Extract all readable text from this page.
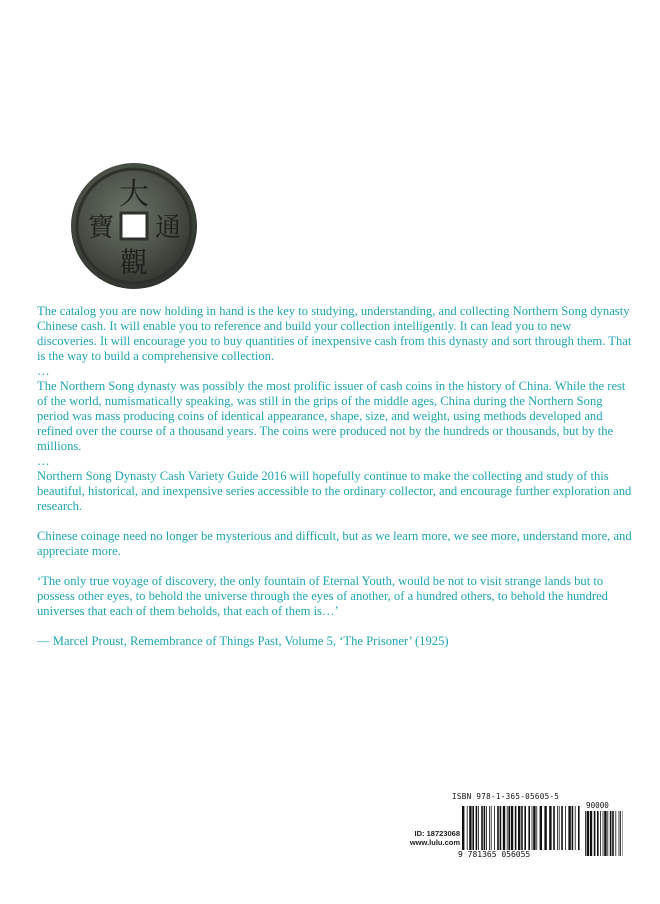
大
通
觀
寶

The catalog you are now holding in hand is the key to studying, understanding, and collecting Northern Song dynasty Chinese cash. It will enable you to reference and build your collection intelligently. It can lead you to new discoveries. It will encourage you to buy quantities of inexpensive cash from this dynasty and sort through them. That is the way to build a comprehensive collection.

…

The Northern Song dynasty was possibly the most prolific issuer of cash coins in the history of China. While the rest of the world, numismatically speaking, was still in the grips of the middle ages, China during the Northern Song period was mass producing coins of identical appearance, shape, size, and weight, using methods developed and refined over the course of a thousand years. The coins were produced not by the hundreds or thousands, but by the millions.

…

Northern Song Dynasty Cash Variety Guide 2016 will hopefully continue to make the collecting and study of this beautiful, historical, and inexpensive series accessible to the ordinary collector, and encourage further exploration and research.

Chinese coinage need no longer be mysterious and difficult, but as we learn more, we see more, understand more, and appreciate more.

‘The only true voyage of discovery, the only fountain of Eternal Youth, would be not to visit strange lands but to possess other eyes, to behold the universe through the eyes of another, of a hundred others, to behold the hundred universes that each of them beholds, that each of them is…’

— Marcel Proust, Remembrance of Things Past, Volume 5, ‘The Prisoner’ (1925)

ISBN 978-1-365-05605-5
90000
ID: 18723068
www.lulu.com
9 781365 056055
